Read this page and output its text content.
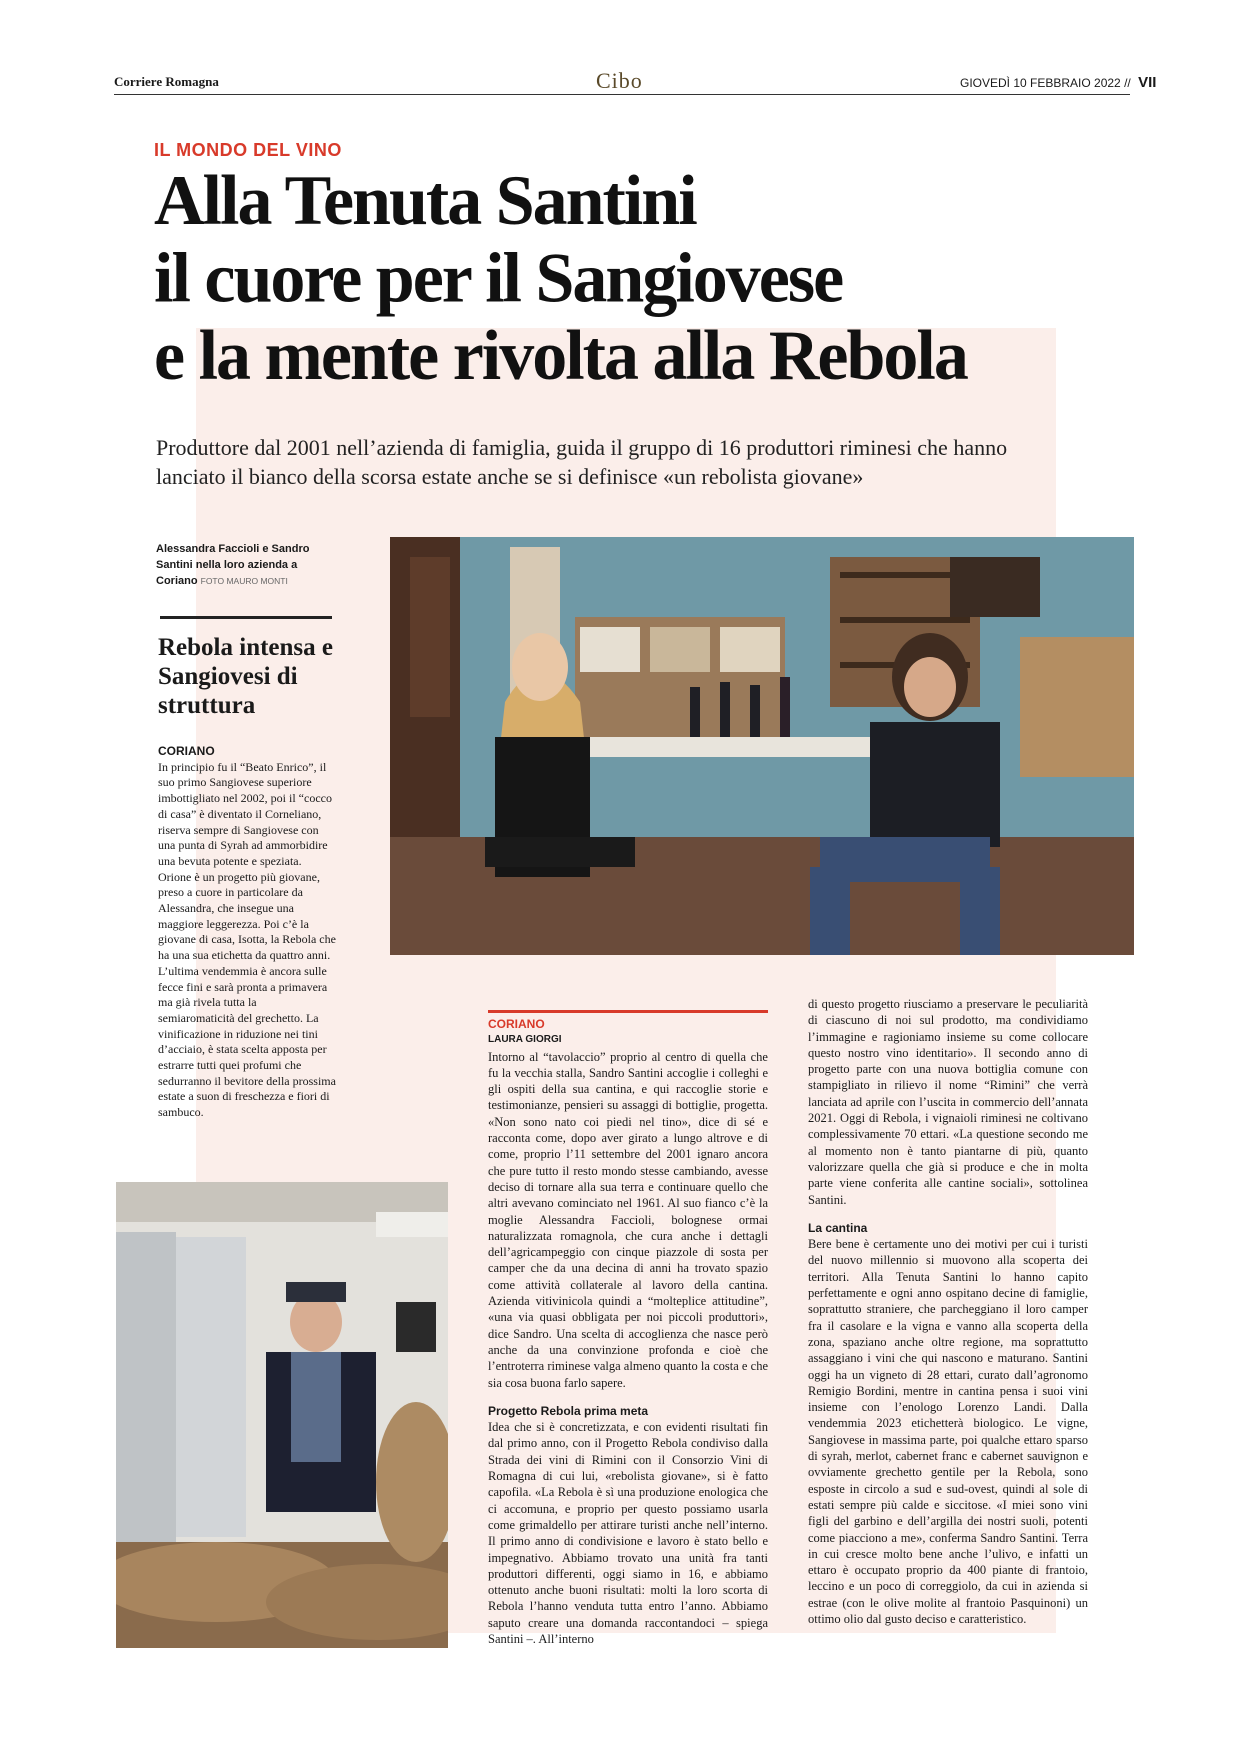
Corriere Romagna	Cibo	GIOVEDÌ 10 FEBBRAIO 2022 // VII
IL MONDO DEL VINO
Alla Tenuta Santini
il cuore per il Sangiovese
e la mente rivolta alla Rebola
Produttore dal 2001 nell’azienda di famiglia, guida il gruppo di 16 produttori riminesi che hanno lanciato il bianco della scorsa estate anche se si definisce «un rebolista giovane»
Alessandra Faccioli e Sandro Santini nella loro azienda a Coriano FOTO MAURO MONTI
Rebola intensa e Sangiovesi di struttura
CORIANO

In principio fu il “Beato Enrico”, il suo primo Sangiovese superiore imbottigliato nel 2002, poi il “cocco di casa” è diventato il Corneliano, riserva sempre di Sangiovese con una punta di Syrah ad ammorbidire una bevuta potente e speziata. Orione è un progetto più giovane, preso a cuore in particolare da Alessandra, che insegue una maggiore leggerezza. Poi c’è la giovane di casa, Isotta, la Rebola che ha una sua etichetta da quattro anni. L’ultima vendemmia è ancora sulle fecce fini e sarà pronta a primavera ma già rivela tutta la semiaromaticità del grechetto. La vinificazione in riduzione nei tini d’acciaio, è stata scelta apposta per estrarre tutti quei profumi che sedurranno il bevitore della prossima estate a suon di freschezza e fiori di sambuco.

CORIANO
LAURA GIORGI

Intorno al “tavolaccio” proprio al centro di quella che fu la vecchia stalla, Sandro Santini accoglie i colleghi e gli ospiti della sua cantina, e qui raccoglie storie e testimonianze, pensieri su assaggi di bottiglie, progetta. «Non sono nato coi piedi nel tino», dice di sé e racconta come, dopo aver girato a lungo altrove e di come, proprio l’11 settembre del 2001 ignaro ancora che pure tutto il resto mondo stesse cambiando, avesse deciso di tornare alla sua terra e continuare quello che altri avevano cominciato nel 1961. Al suo fianco c’è la moglie Alessandra Faccioli, bolognese ormai naturalizzata romagnola, che cura anche i dettagli dell’agricampeggio con cinque piazzole di sosta per camper che da una decina di anni ha trovato spazio come attività collaterale al lavoro della cantina. Azienda vitivinicola quindi a “molteplice attitudine”, «una via quasi obbligata per noi piccoli produttori», dice Sandro. Una scelta di accoglienza che nasce però anche da una convinzione profonda e cioè che l’entroterra riminese valga almeno quanto la costa e che sia cosa buona farlo sapere.

Progetto Rebola prima meta

Idea che si è concretizzata, e con evidenti risultati fin dal primo anno, con il Progetto Rebola condiviso dalla Strada dei vini di Rimini con il Consorzio Vini di Romagna di cui lui, «rebolista giovane», si è fatto capofila. «La Rebola è sì una produzione enologica che ci accomuna, e proprio per questo possiamo usarla come grimaldello per attirare turisti anche nell’interno. Il primo anno di condivisione e lavoro è stato bello e impegnativo. Abbiamo trovato una unità fra tanti produttori differenti, oggi siamo in 16, e abbiamo ottenuto anche buoni risultati: molti la loro scorta di Rebola l’hanno venduta tutta entro l’anno. Abbiamo saputo creare una domanda raccontandoci – spiega Santini –. All’interno

di questo progetto riusciamo a preservare le peculiarità di ciascuno di noi sul prodotto, ma condividiamo l’immagine e ragioniamo insieme su come collocare questo nostro vino identitario». Il secondo anno di progetto parte con una nuova bottiglia comune con stampigliato in rilievo il nome “Rimini” che verrà lanciata ad aprile con l’uscita in commercio dell’annata 2021. Oggi di Rebola, i vignaioli riminesi ne coltivano complessivamente 70 ettari. «La questione secondo me al momento non è tanto piantarne di più, quanto valorizzare quella che già si produce e che in molta parte viene conferita alle cantine sociali», sottolinea Santini.

La cantina

Bere bene è certamente uno dei motivi per cui i turisti del nuovo millennio si muovono alla scoperta dei territori. Alla Tenuta Santini lo hanno capito perfettamente e ogni anno ospitano decine di famiglie, soprattutto straniere, che parcheggiano il loro camper fra il casolare e la vigna e vanno alla scoperta della zona, spaziano anche oltre regione, ma soprattutto assaggiano i vini che qui nascono e maturano. Santini oggi ha un vigneto di 28 ettari, curato dall’agronomo Remigio Bordini, mentre in cantina pensa i suoi vini insieme con l’enologo Lorenzo Landi. Dalla vendemmia 2023 etichetterà biologico. Le vigne, Sangiovese in massima parte, poi qualche ettaro sparso di syrah, merlot, cabernet franc e cabernet sauvignon e ovviamente grechetto gentile per la Rebola, sono esposte in circolo a sud e sud-ovest, quindi al sole di estati sempre più calde e siccitose. «I miei sono vini figli del garbino e dell’argilla dei nostri suoli, potenti come piacciono a me», conferma Sandro Santini. Terra in cui cresce molto bene anche l’ulivo, e infatti un ettaro è occupato proprio da 400 piante di frantoio, leccino e un poco di correggiolo, da cui in azienda si estrae (con le olive molite al frantoio Pasquinoni) un ottimo olio dal gusto deciso e caratteristico.
